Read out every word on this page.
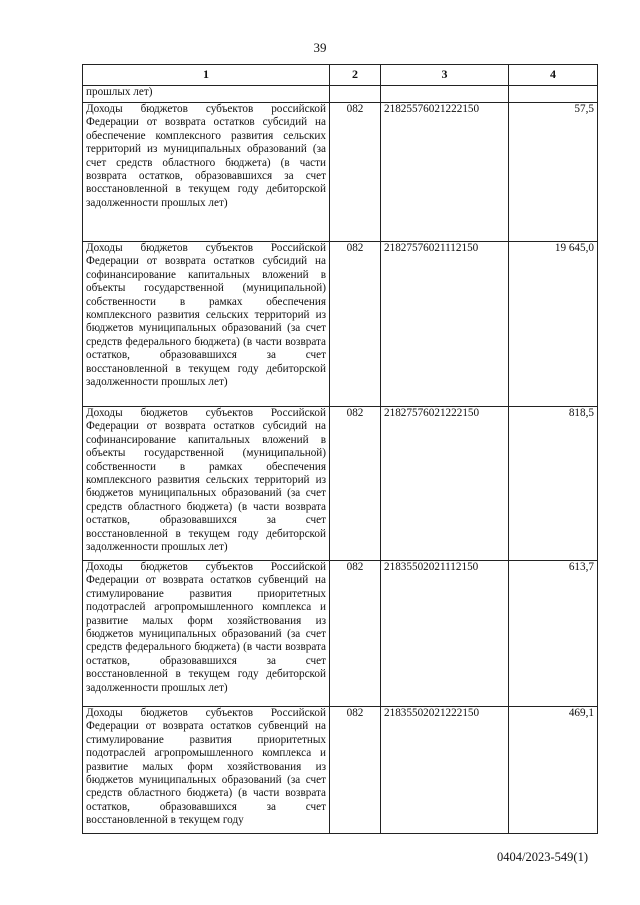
39
1	2	3	4
прошлых лет)			
Доходы бюджетов субъектов российской Федерации от возврата остатков субсидий на обеспечение комплексного развития сельских территорий из муниципальных образований (за счет средств областного бюджета) (в части возврата остатков, образовавшихся за счет восстановленной в текущем году дебиторской задолженности прошлых лет)	082	21825576021222150	57,5
Доходы бюджетов субъектов Российской Федерации от возврата остатков субсидий на софинансирование капитальных вложений в объекты государственной (муниципальной) собственности в рамках обеспечения комплексного развития сельских территорий из бюджетов муниципальных образований (за счет средств федерального бюджета) (в части возврата остатков, образовавшихся за счет восстановленной в текущем году дебиторской задолженности прошлых лет)	082	21827576021112150	19 645,0
Доходы бюджетов субъектов Российской Федерации от возврата остатков субсидий на софинансирование капитальных вложений в объекты государственной (муниципальной) собственности в рамках обеспечения комплексного развития сельских территорий из бюджетов муниципальных образований (за счет средств областного бюджета) (в части возврата остатков, образовавшихся за счет восстановленной в текущем году дебиторской задолженности прошлых лет)	082	21827576021222150	818,5
Доходы бюджетов субъектов Российской Федерации от возврата остатков субвенций на стимулирование развития приоритетных подотраслей агропромышленного комплекса и развитие малых форм хозяйствования из бюджетов муниципальных образований (за счет средств федерального бюджета) (в части возврата остатков, образовавшихся за счет восстановленной в текущем году дебиторской задолженности прошлых лет)	082	21835502021112150	613,7
Доходы бюджетов субъектов Российской Федерации от возврата остатков субвенций на стимулирование развития приоритетных подотраслей агропромышленного комплекса и развитие малых форм хозяйствования из бюджетов муниципальных образований (за счет средств областного бюджета) (в части возврата остатков, образовавшихся за счет восстановленной в текущем году	082	21835502021222150	469,1
0404/2023-549(1)
